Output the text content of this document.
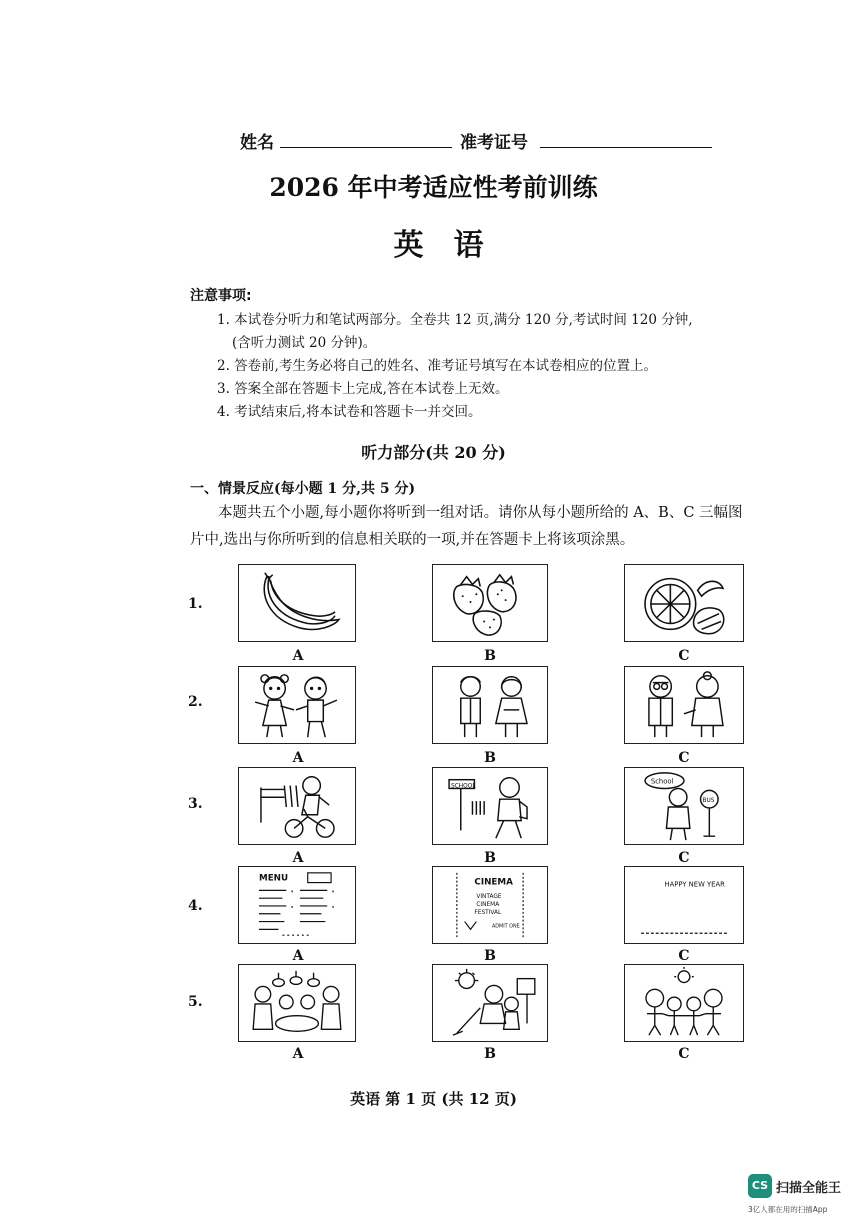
姓名	准考证号
2026 年中考适应性考前训练
英语
注意事项:
1. 本试卷分听力和笔试两部分。全卷共 12 页,满分 120 分,考试时间 120 分钟,
(含听力测试 20 分钟)。
2. 答卷前,考生务必将自己的姓名、准考证号填写在本试卷相应的位置上。
3. 答案全部在答题卡上完成,答在本试卷上无效。
4. 考试结束后,将本试卷和答题卡一并交回。
听力部分(共 20 分)
一、情景反应(每小题 1 分,共 5 分)
本题共五个小题,每小题你将听到一组对话。请你从每小题所给的 A、B、C 三幅图
片中,选出与你所听到的信息相关联的一项,并在答题卡上将该项涂黑。
1.
A	B	C
2.
A	B	C
3.
SCHOOL
School
BUS
A	B	C
4.
MENU	CINEMA
VINTAGE
CINEMA
FESTIVAL
ADMIT ONE
HAPPY NEW YEAR
A	B	C
5.
A	B	C
英语 第 1 页 (共 12 页)
CS 扫描全能王
3亿人都在用的扫描App
